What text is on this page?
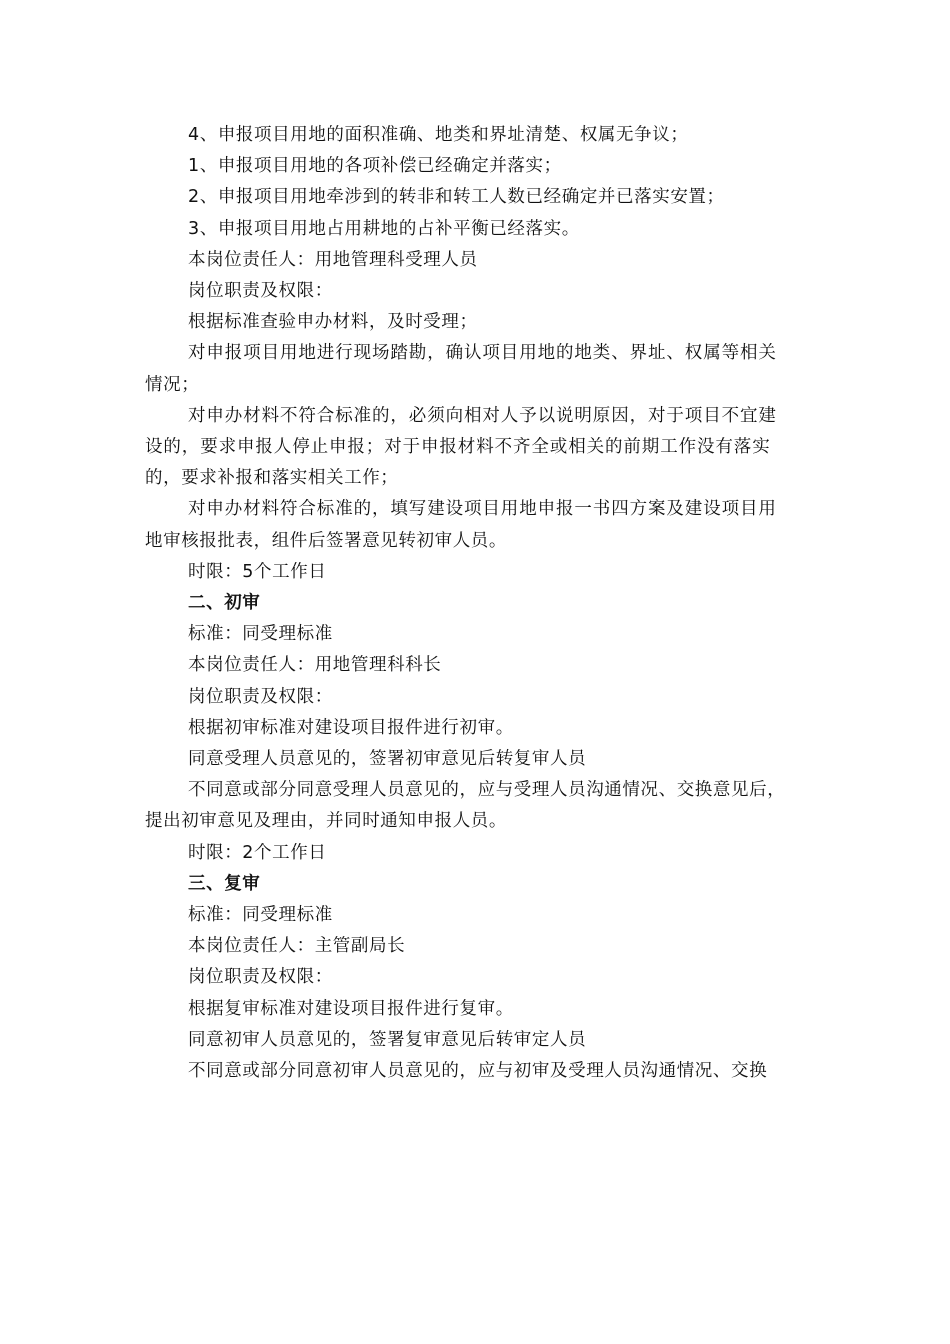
4、申报项目用地的面积准确、地类和界址清楚、权属无争议；
1、申报项目用地的各项补偿已经确定并落实；
2、申报项目用地牵涉到的转非和转工人数已经确定并已落实安置；
3、申报项目用地占用耕地的占补平衡已经落实。
本岗位责任人：用地管理科受理人员
岗位职责及权限：
根据标准查验申办材料，及时受理；
对申报项目用地进行现场踏勘，确认项目用地的地类、界址、权属等相关
情况；
对申办材料不符合标准的，必须向相对人予以说明原因，对于项目不宜建
设的，要求申报人停止申报；对于申报材料不齐全或相关的前期工作没有落实
的，要求补报和落实相关工作；
对申办材料符合标准的，填写建设项目用地申报一书四方案及建设项目用
地审核报批表，组件后签署意见转初审人员。
时限：5个工作日
二、初审
标准：同受理标准
本岗位责任人：用地管理科科长
岗位职责及权限：
根据初审标准对建设项目报件进行初审。
同意受理人员意见的，签署初审意见后转复审人员
不同意或部分同意受理人员意见的，应与受理人员沟通情况、交换意见后，
提出初审意见及理由，并同时通知申报人员。
时限：2个工作日
三、复审
标准：同受理标准
本岗位责任人：主管副局长
岗位职责及权限：
根据复审标准对建设项目报件进行复审。
同意初审人员意见的，签署复审意见后转审定人员
不同意或部分同意初审人员意见的，应与初审及受理人员沟通情况、交换
